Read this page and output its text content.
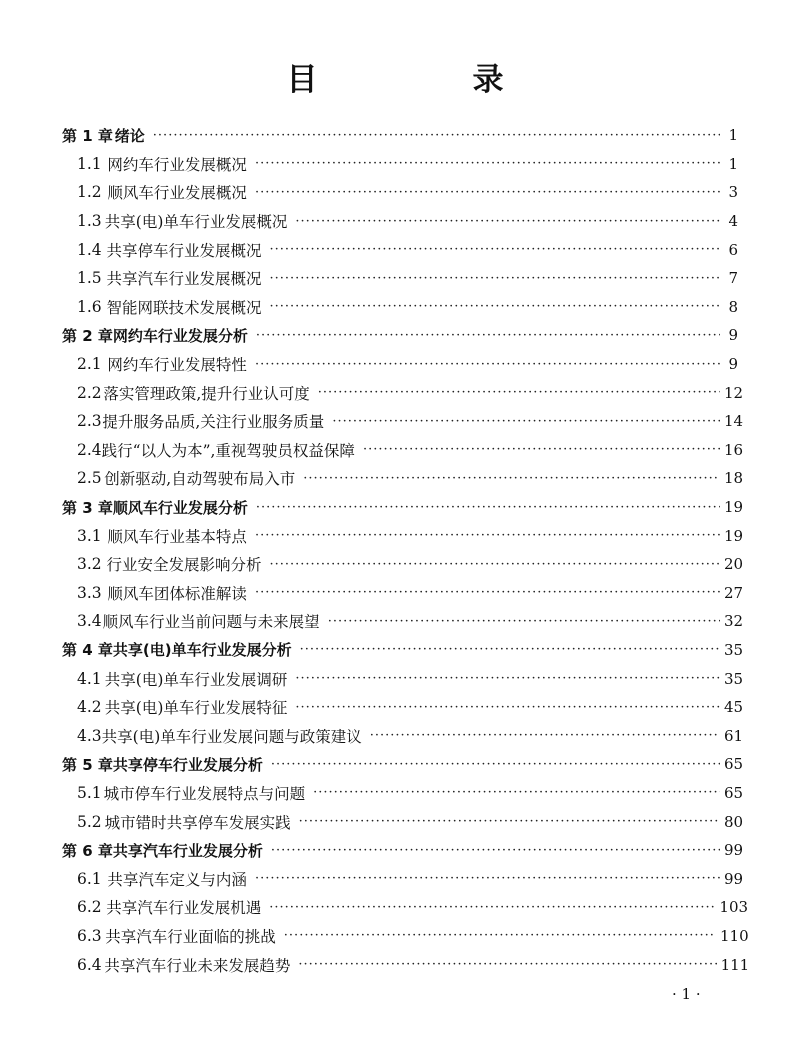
目　录
第 1 章 绪论 ·····	1
1.1 网约车行业发展概况 ·····	1
1.2 顺风车行业发展概况 ·····	3
1.3 共享(电)单车行业发展概况 ·····	4
1.4 共享停车行业发展概况 ·····	6
1.5 共享汽车行业发展概况 ·····	7
1.6 智能网联技术发展概况 ·····	8
第 2 章 网约车行业发展分析 ·····	9
2.1 网约车行业发展特性 ·····	9
2.2 落实管理政策,提升行业认可度 ·····	12
2.3 提升服务品质,关注行业服务质量 ·····	14
2.4 践行“以人为本”,重视驾驶员权益保障 ·····	16
2.5 创新驱动,自动驾驶布局入市 ·····	18
第 3 章 顺风车行业发展分析 ·····	19
3.1 顺风车行业基本特点 ·····	19
3.2 行业安全发展影响分析 ·····	20
3.3 顺风车团体标准解读 ·····	27
3.4 顺风车行业当前问题与未来展望 ·····	32
第 4 章 共享(电)单车行业发展分析 ·····	35
4.1 共享(电)单车行业发展调研 ·····	35
4.2 共享(电)单车行业发展特征 ·····	45
4.3 共享(电)单车行业发展问题与政策建议 ·····	61
第 5 章 共享停车行业发展分析 ·····	65
5.1 城市停车行业发展特点与问题 ·····	65
5.2 城市错时共享停车发展实践 ·····	80
第 6 章 共享汽车行业发展分析 ·····	99
6.1 共享汽车定义与内涵 ·····	99
6.2 共享汽车行业发展机遇 ·····	103
6.3 共享汽车行业面临的挑战 ·····	110
6.4 共享汽车行业未来发展趋势 ·····	111
· 1 ·
